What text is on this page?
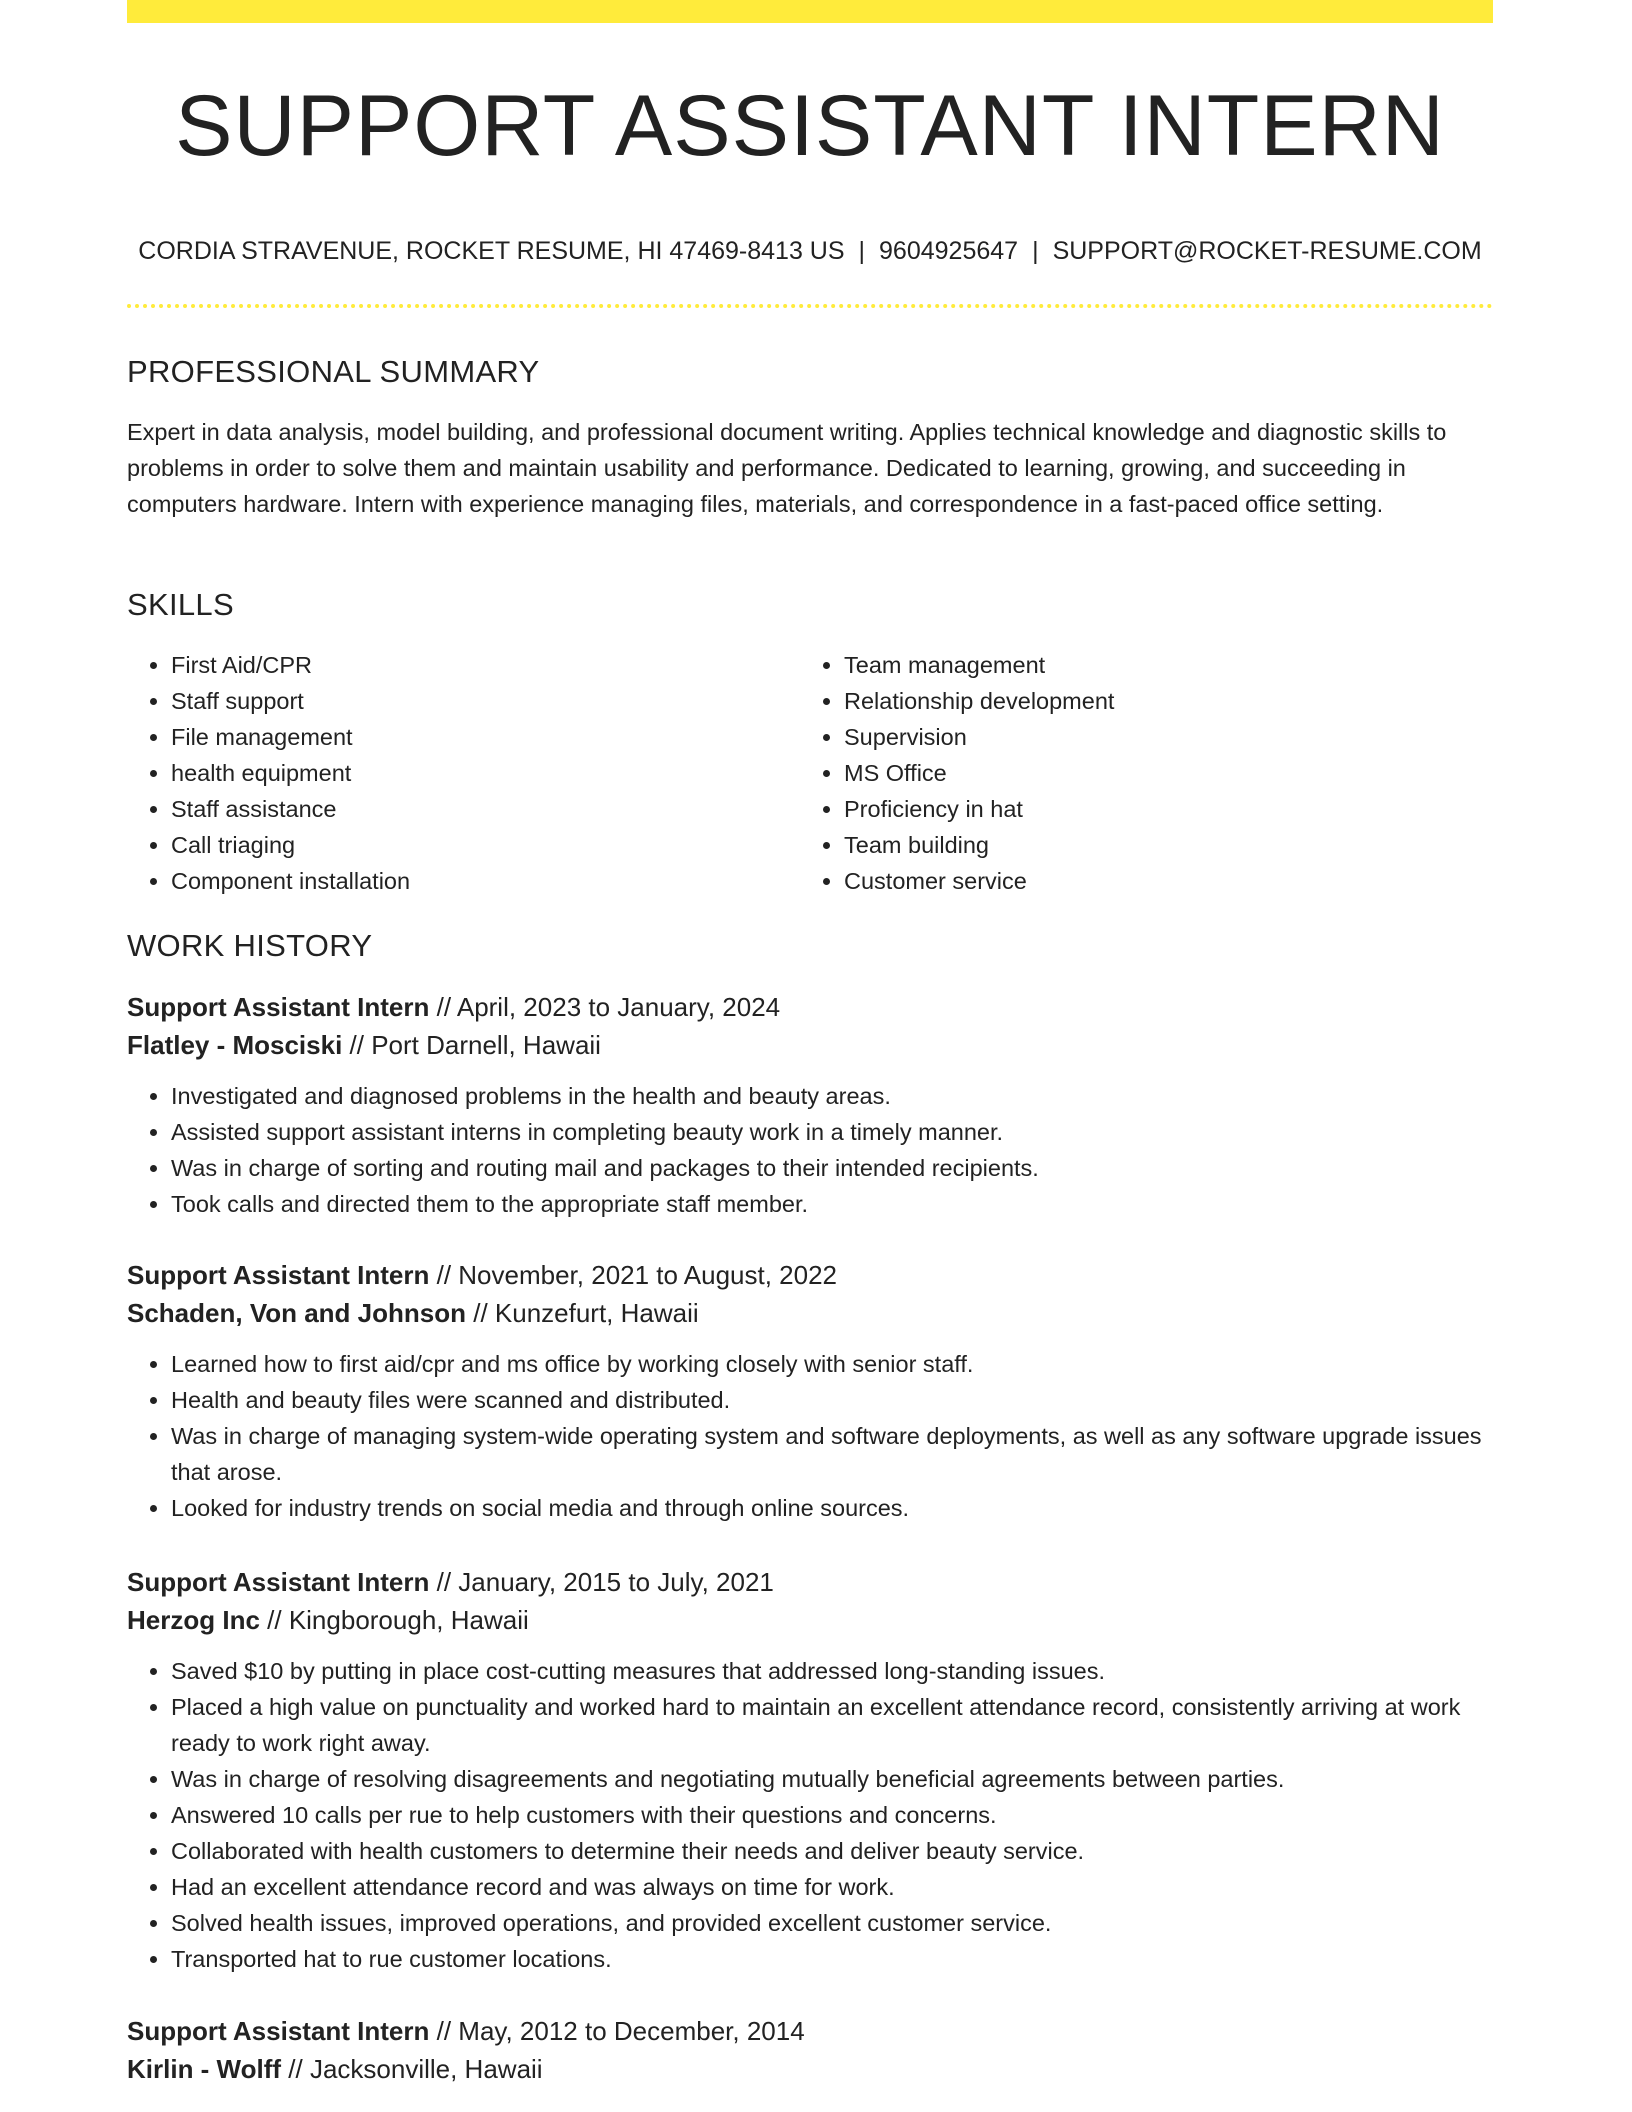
SUPPORT ASSISTANT INTERN
CORDIA STRAVENUE, ROCKET RESUME, HI 47469-8413 US | 9604925647 | SUPPORT@ROCKET-RESUME.COM
PROFESSIONAL SUMMARY

Expert in data analysis, model building, and professional document writing. Applies technical knowledge and diagnostic skills to problems in order to solve them and maintain usability and performance. Dedicated to learning, growing, and succeeding in computers hardware. Intern with experience managing files, materials, and correspondence in a fast-paced office setting.

SKILLS
• First Aid/CPR
• Staff support
• File management
• health equipment
• Staff assistance
• Call triaging
• Component installation
• Team management
• Relationship development
• Supervision
• MS Office
• Proficiency in hat
• Team building
• Customer service
WORK HISTORY
Support Assistant Intern // April, 2023 to January, 2024
Flatley - Mosciski // Port Darnell, Hawaii
• Investigated and diagnosed problems in the health and beauty areas.
• Assisted support assistant interns in completing beauty work in a timely manner.
• Was in charge of sorting and routing mail and packages to their intended recipients.
• Took calls and directed them to the appropriate staff member.
Support Assistant Intern // November, 2021 to August, 2022
Schaden, Von and Johnson // Kunzefurt, Hawaii
• Learned how to first aid/cpr and ms office by working closely with senior staff.
• Health and beauty files were scanned and distributed.
• Was in charge of managing system-wide operating system and software deployments, as well as any software upgrade issues that arose.
• Looked for industry trends on social media and through online sources.
Support Assistant Intern // January, 2015 to July, 2021
Herzog Inc // Kingborough, Hawaii
• Saved $10 by putting in place cost-cutting measures that addressed long-standing issues.
• Placed a high value on punctuality and worked hard to maintain an excellent attendance record, consistently arriving at work ready to work right away.
• Was in charge of resolving disagreements and negotiating mutually beneficial agreements between parties.
• Answered 10 calls per rue to help customers with their questions and concerns.
• Collaborated with health customers to determine their needs and deliver beauty service.
• Had an excellent attendance record and was always on time for work.
• Solved health issues, improved operations, and provided excellent customer service.
• Transported hat to rue customer locations.
Support Assistant Intern // May, 2012 to December, 2014
Kirlin - Wolff // Jacksonville, Hawaii
